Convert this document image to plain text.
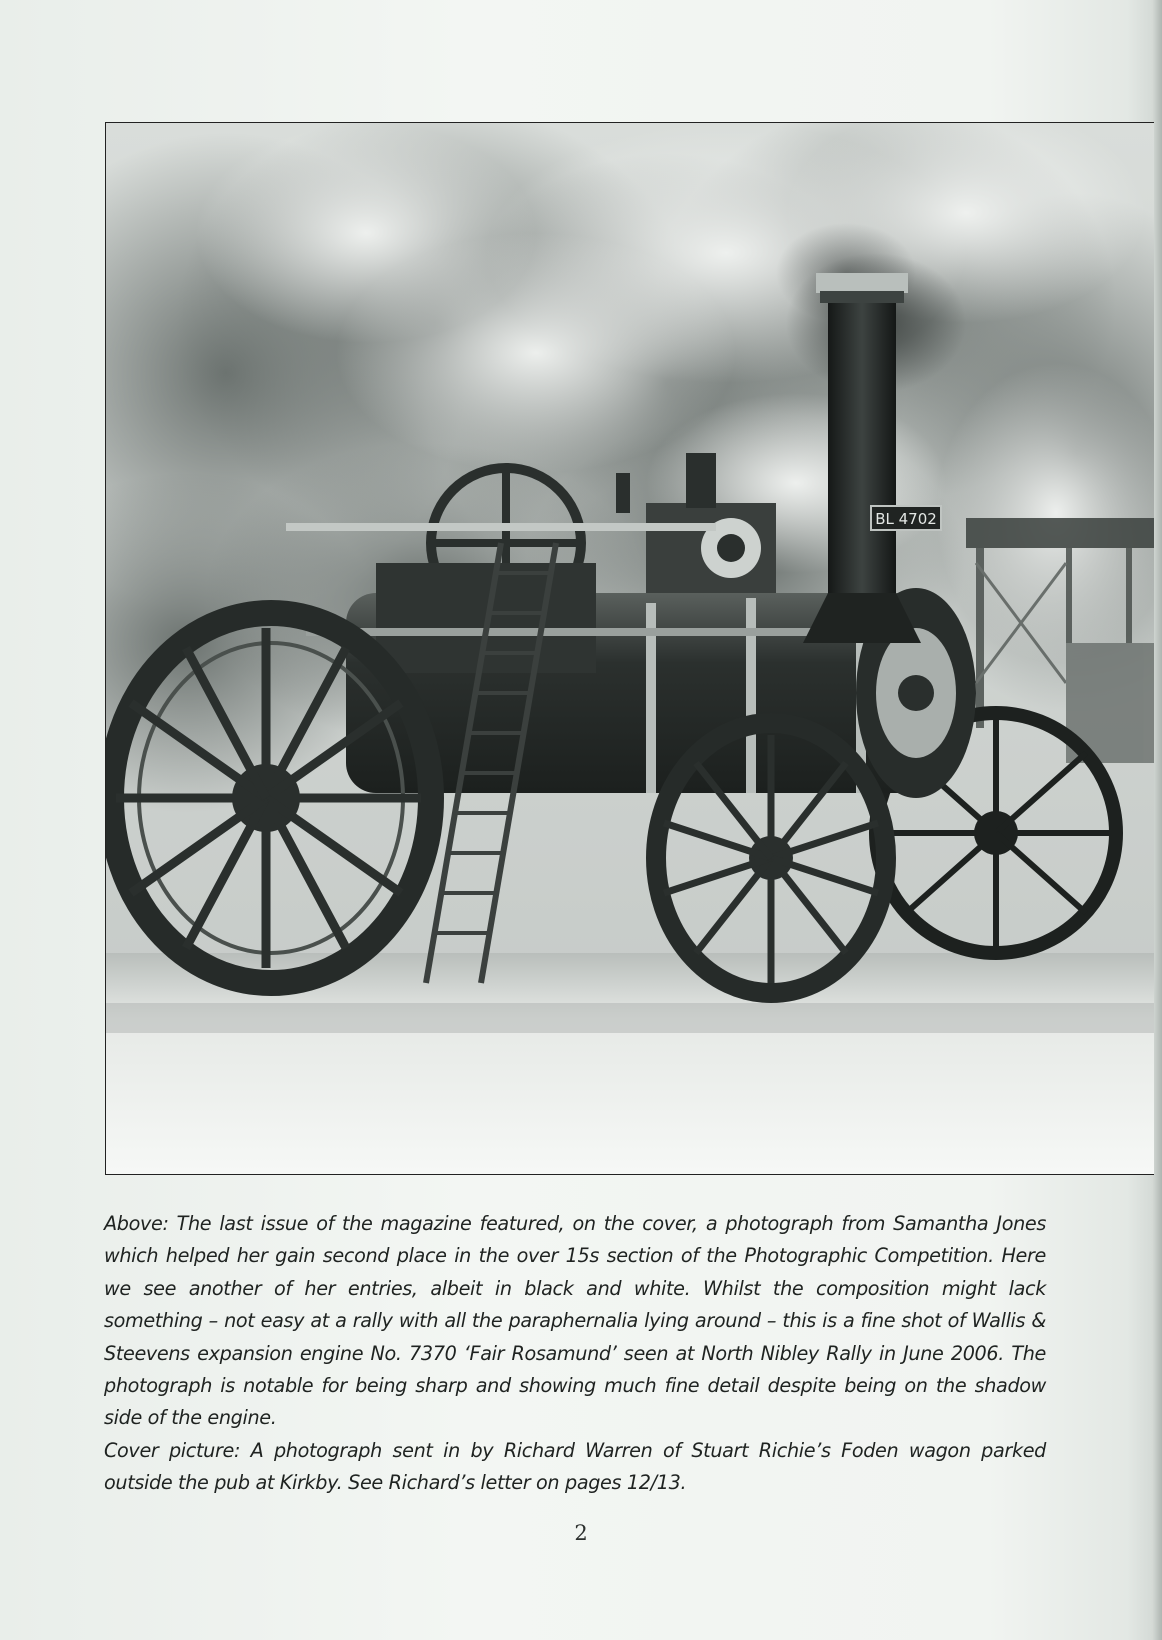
BL 4702

Above: The last issue of the magazine featured, on the cover, a photograph from Samantha Jones which helped her gain second place in the over 15s section of the Photographic Competition. Here we see another of her entries, albeit in black and white. Whilst the composition might lack something – not easy at a rally with all the paraphernalia lying around – this is a fine shot of Wallis & Steevens expansion engine No. 7370 ‘Fair Rosamund’ seen at North Nibley Rally in June 2006. The photograph is notable for being sharp and showing much fine detail despite being on the shadow side of the engine.

Cover picture: A photograph sent in by Richard Warren of Stuart Richie’s Foden wagon parked outside the pub at Kirkby. See Richard’s letter on pages 12/13.

2
